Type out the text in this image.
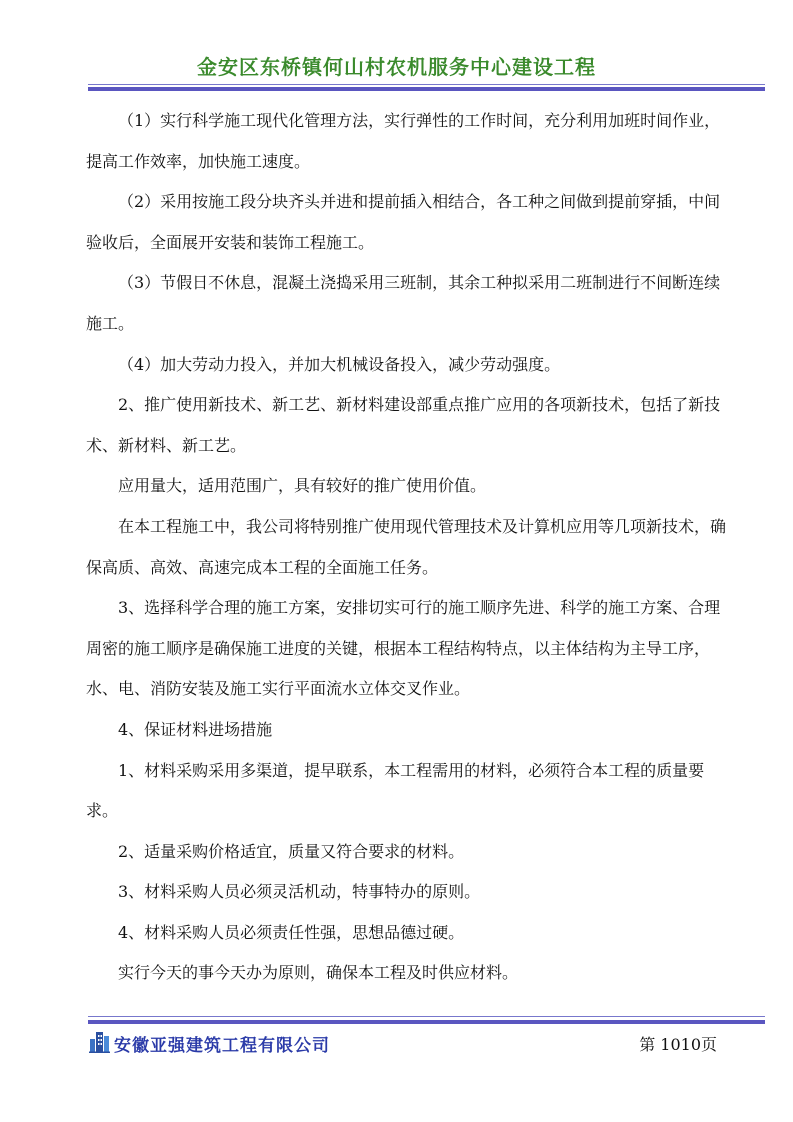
金安区东桥镇何山村农机服务中心建设工程

（1）实行科学施工现代化管理方法，实行弹性的工作时间，充分利用加班时间作业，提高工作效率，加快施工速度。

（2）采用按施工段分块齐头并进和提前插入相结合，各工种之间做到提前穿插，中间验收后，全面展开安装和装饰工程施工。

（3）节假日不休息，混凝土浇捣采用三班制，其余工种拟采用二班制进行不间断连续施工。

（4）加大劳动力投入，并加大机械设备投入，减少劳动强度。

2、推广使用新技术、新工艺、新材料建设部重点推广应用的各项新技术，包括了新技术、新材料、新工艺。

应用量大，适用范围广，具有较好的推广使用价值。

在本工程施工中，我公司将特别推广使用现代管理技术及计算机应用等几项新技术，确保高质、高效、高速完成本工程的全面施工任务。

3、选择科学合理的施工方案，安排切实可行的施工顺序先进、科学的施工方案、合理周密的施工顺序是确保施工进度的关键，根据本工程结构特点，以主体结构为主导工序，水、电、消防安装及施工实行平面流水立体交叉作业。

4、保证材料进场措施

1、材料采购采用多渠道，提早联系，本工程需用的材料，必须符合本工程的质量要求。

2、适量采购价格适宜，质量又符合要求的材料。

3、材料采购人员必须灵活机动，特事特办的原则。

4、材料采购人员必须责任性强，思想品德过硬。

实行今天的事今天办为原则，确保本工程及时供应材料。

安徽亚强建筑工程有限公司	第 1010页
